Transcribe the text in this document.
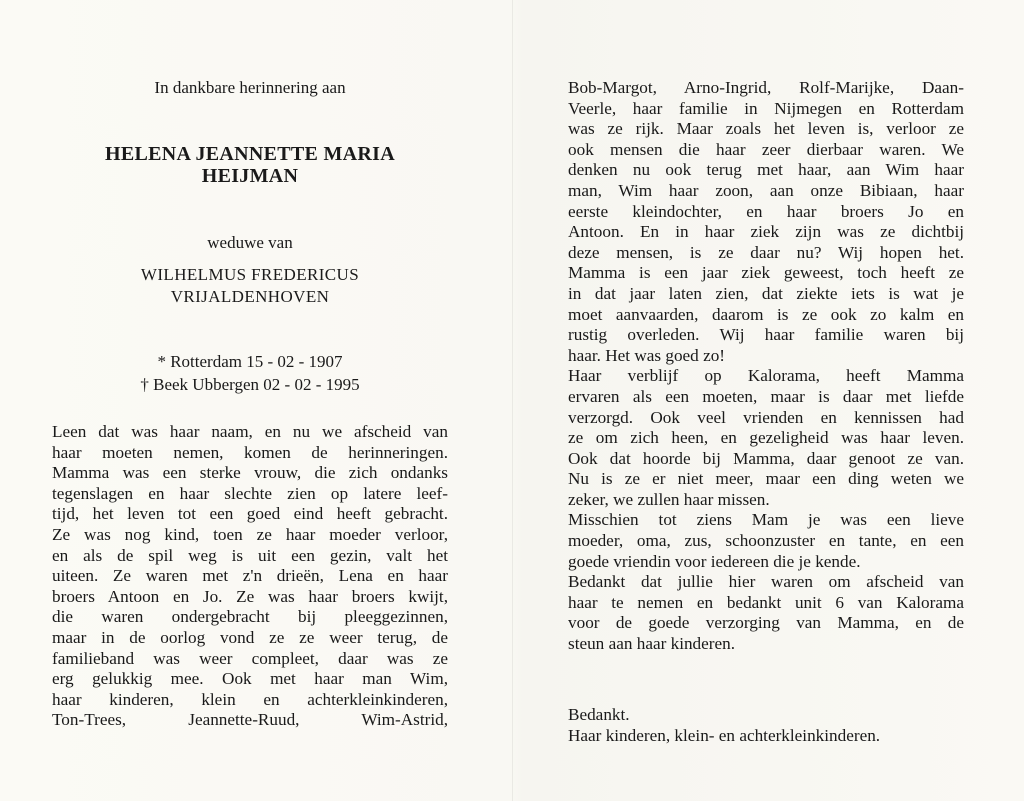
In dankbare herinnering aan
HELENA JEANNETTE MARIA
HEIJMAN
weduwe van
WILHELMUS FREDERICUS
VRIJALDENHOVEN
* Rotterdam 15 - 02 - 1907
† Beek Ubbergen 02 - 02 - 1995
Leen dat was haar naam, en nu we afscheid van
haar moeten nemen, komen de herinneringen.
Mamma was een sterke vrouw, die zich ondanks
tegenslagen en haar slechte zien op latere leef-
tijd, het leven tot een goed eind heeft gebracht.
Ze was nog kind, toen ze haar moeder verloor,
en als de spil weg is uit een gezin, valt het
uiteen. Ze waren met z'n drieën, Lena en haar
broers Antoon en Jo. Ze was haar broers kwijt,
die waren ondergebracht bij pleeggezinnen,
maar in de oorlog vond ze ze weer terug, de
familieband was weer compleet, daar was ze
erg gelukkig mee. Ook met haar man Wim,
haar kinderen, klein en achterkleinkinderen,
Ton-Trees, Jeannette-Ruud, Wim-Astrid,
Bob-Margot, Arno-Ingrid, Rolf-Marijke, Daan-
Veerle, haar familie in Nijmegen en Rotterdam
was ze rijk. Maar zoals het leven is, verloor ze
ook mensen die haar zeer dierbaar waren. We
denken nu ook terug met haar, aan Wim haar
man, Wim haar zoon, aan onze Bibiaan, haar
eerste kleindochter, en haar broers Jo en
Antoon. En in haar ziek zijn was ze dichtbij
deze mensen, is ze daar nu? Wij hopen het.
Mamma is een jaar ziek geweest, toch heeft ze
in dat jaar laten zien, dat ziekte iets is wat je
moet aanvaarden, daarom is ze ook zo kalm en
rustig overleden. Wij haar familie waren bij
haar. Het was goed zo!
Haar verblijf op Kalorama, heeft Mamma
ervaren als een moeten, maar is daar met liefde
verzorgd. Ook veel vrienden en kennissen had
ze om zich heen, en gezeligheid was haar leven.
Ook dat hoorde bij Mamma, daar genoot ze van.
Nu is ze er niet meer, maar een ding weten we
zeker, we zullen haar missen.
Misschien tot ziens Mam je was een lieve
moeder, oma, zus, schoonzuster en tante, en een
goede vriendin voor iedereen die je kende.
Bedankt dat jullie hier waren om afscheid van
haar te nemen en bedankt unit 6 van Kalorama
voor de goede verzorging van Mamma, en de
steun aan haar kinderen.
Bedankt.
Haar kinderen, klein- en achterkleinkinderen.
